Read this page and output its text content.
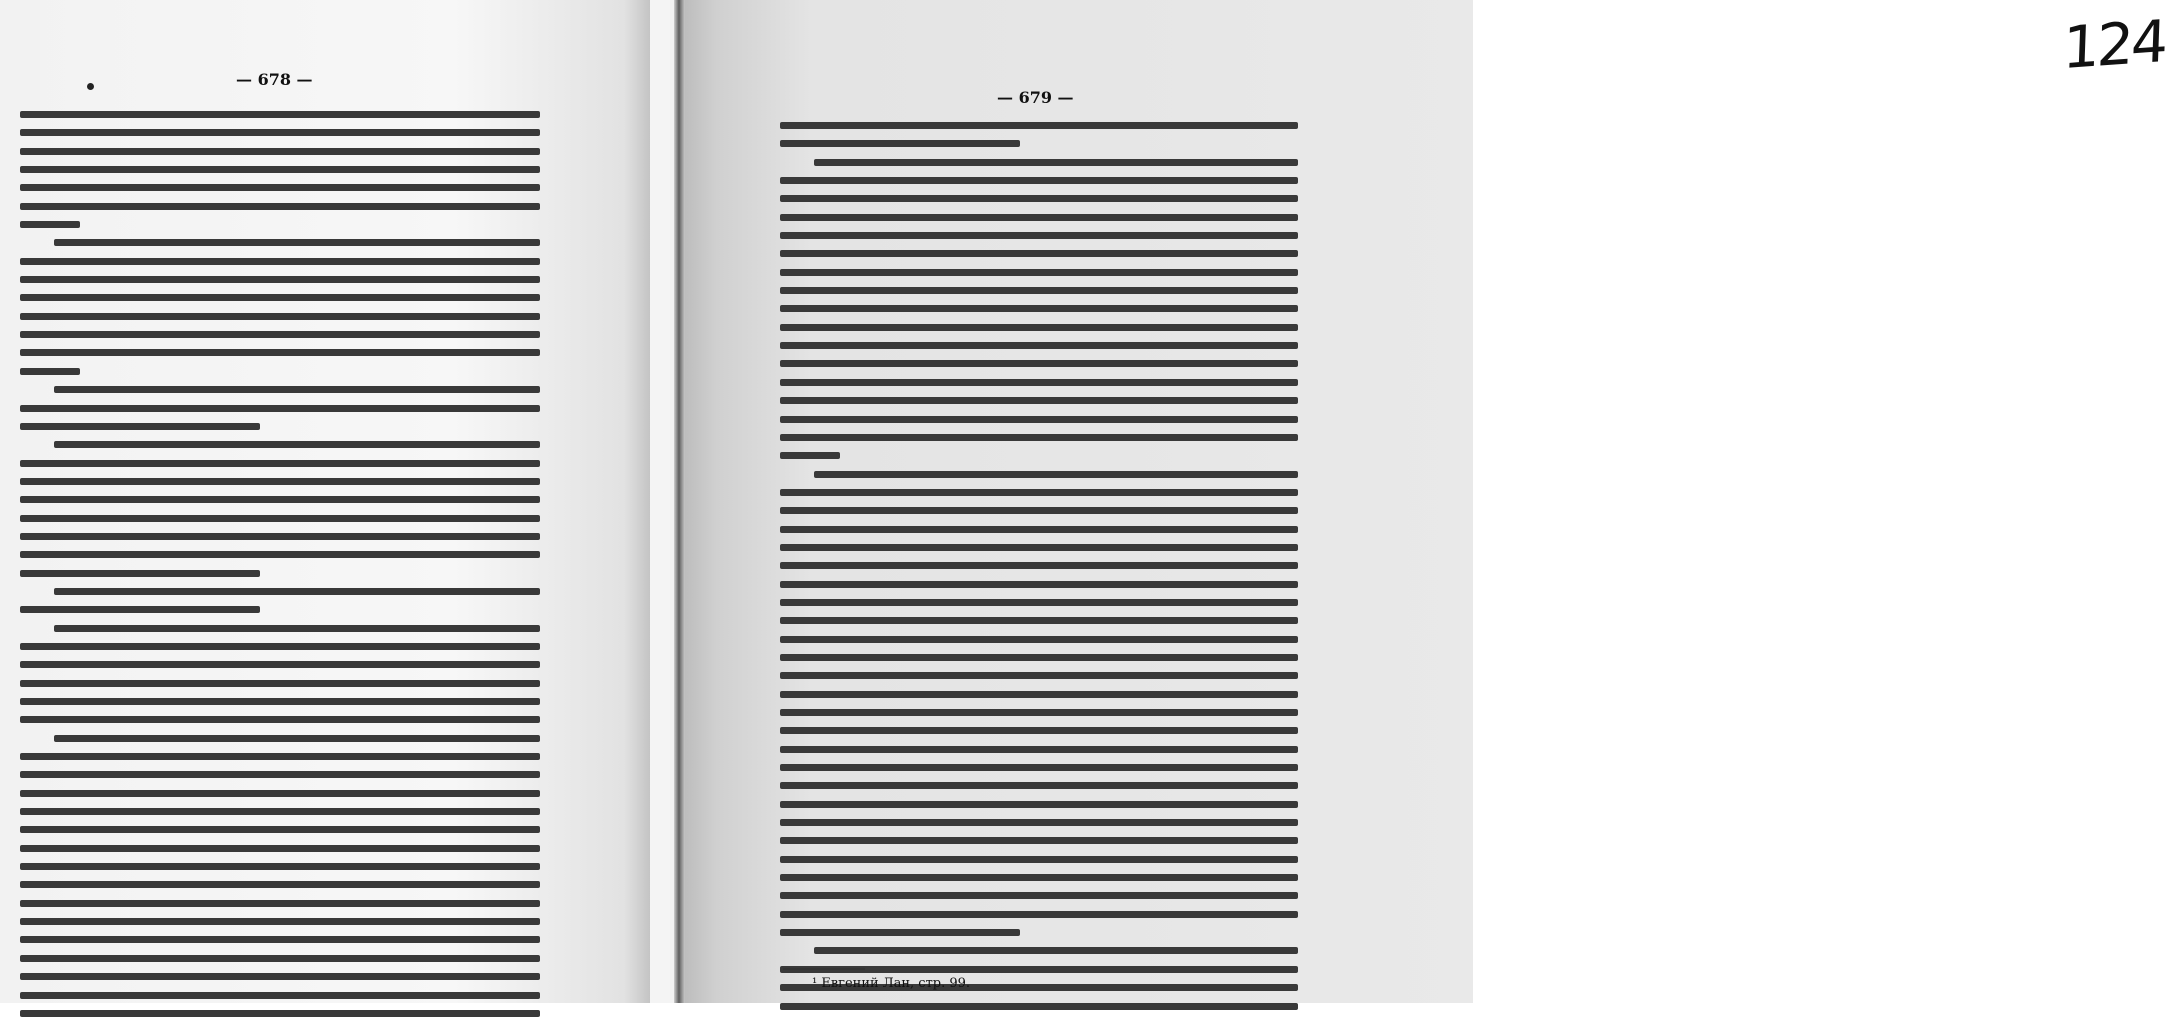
— 678 —	124
— 679 —
¹ Евгений Лан, стр. 99.
